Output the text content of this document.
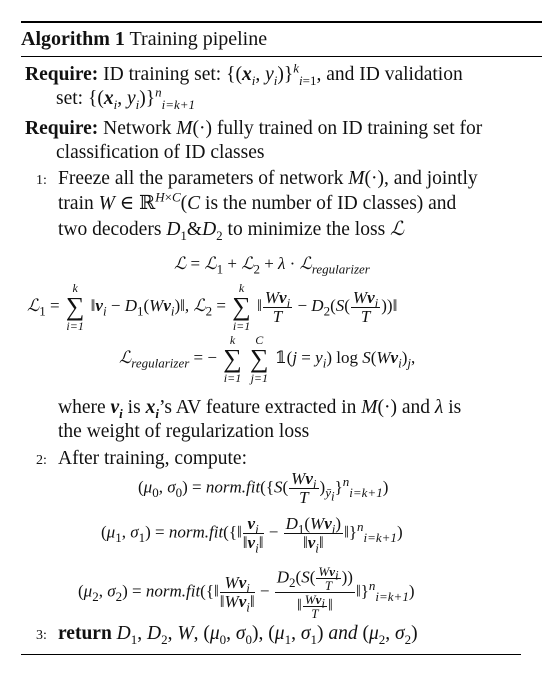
Algorithm 1 Training pipeline
Require: ID training set: {($x_i$, $y_i)\}^k_{i=1}$, and ID validation
set: {($x_i$, $y_i)\}^n_{i=k+1}$
Require: Network M(·) fully trained on ID training set for
classification of ID classes
1: Freeze all the parameters of network M(·), and jointly
train W ∈ ℝ$^{H\times C}$(C is the number of ID classes) and
two decoders $D_1\&D_2$ to minimize the loss ℒ
ℒ = ℒ$_1$ + ℒ$_2$ + λ · ℒ$_{regularizer}$
ℒ$_1$ =
k
∑
i=1
$‖v_i$ − $D_1(Wv_i)‖$, ℒ$_2$ =
k
∑
i=1
‖ $\frac{Wv_i}{T} - D_2(S( \frac{Wv_i}{T}$ ))‖
ℒ$_{regularizer}$ = −
k
∑
i=1

C
∑
j=1
𝟙(j = $y_i$) $\log S(Wv_i)_j$,
where $v_i$ is $x_i’s$ AV feature extracted in M(·) and λ is
the weight of regularization loss
2: After training, compute:
($\mu_0$, $\sigma_0$) = norm.fit({S( $\frac{Wv_i}{T} )_{ȳ_i}\}^n_{i=k+1}$)
($\mu_1$, $\sigma_1$) = norm.fit({‖ $\frac{v_i}{‖v_i‖} - \frac{D_1(Wv_i)}{‖v_i‖}$ ‖}$^n_{i=k+1}$)
($\mu_2$, $\sigma_2$) = norm.fit({‖ $\frac{Wv_i}{‖Wv_i‖} - \frac{D_2(S( \frac{Wv_i}{T} ))}{‖ \frac{Wv_i}{T} ‖}$ ‖}$^n_{i=k+1}$)
3: return $D_1$, $D_2$, W, ($\mu_0$, $\sigma_0$), ($\mu_1$, $\sigma_1$) and ($\mu_2$, $\sigma_2$)
